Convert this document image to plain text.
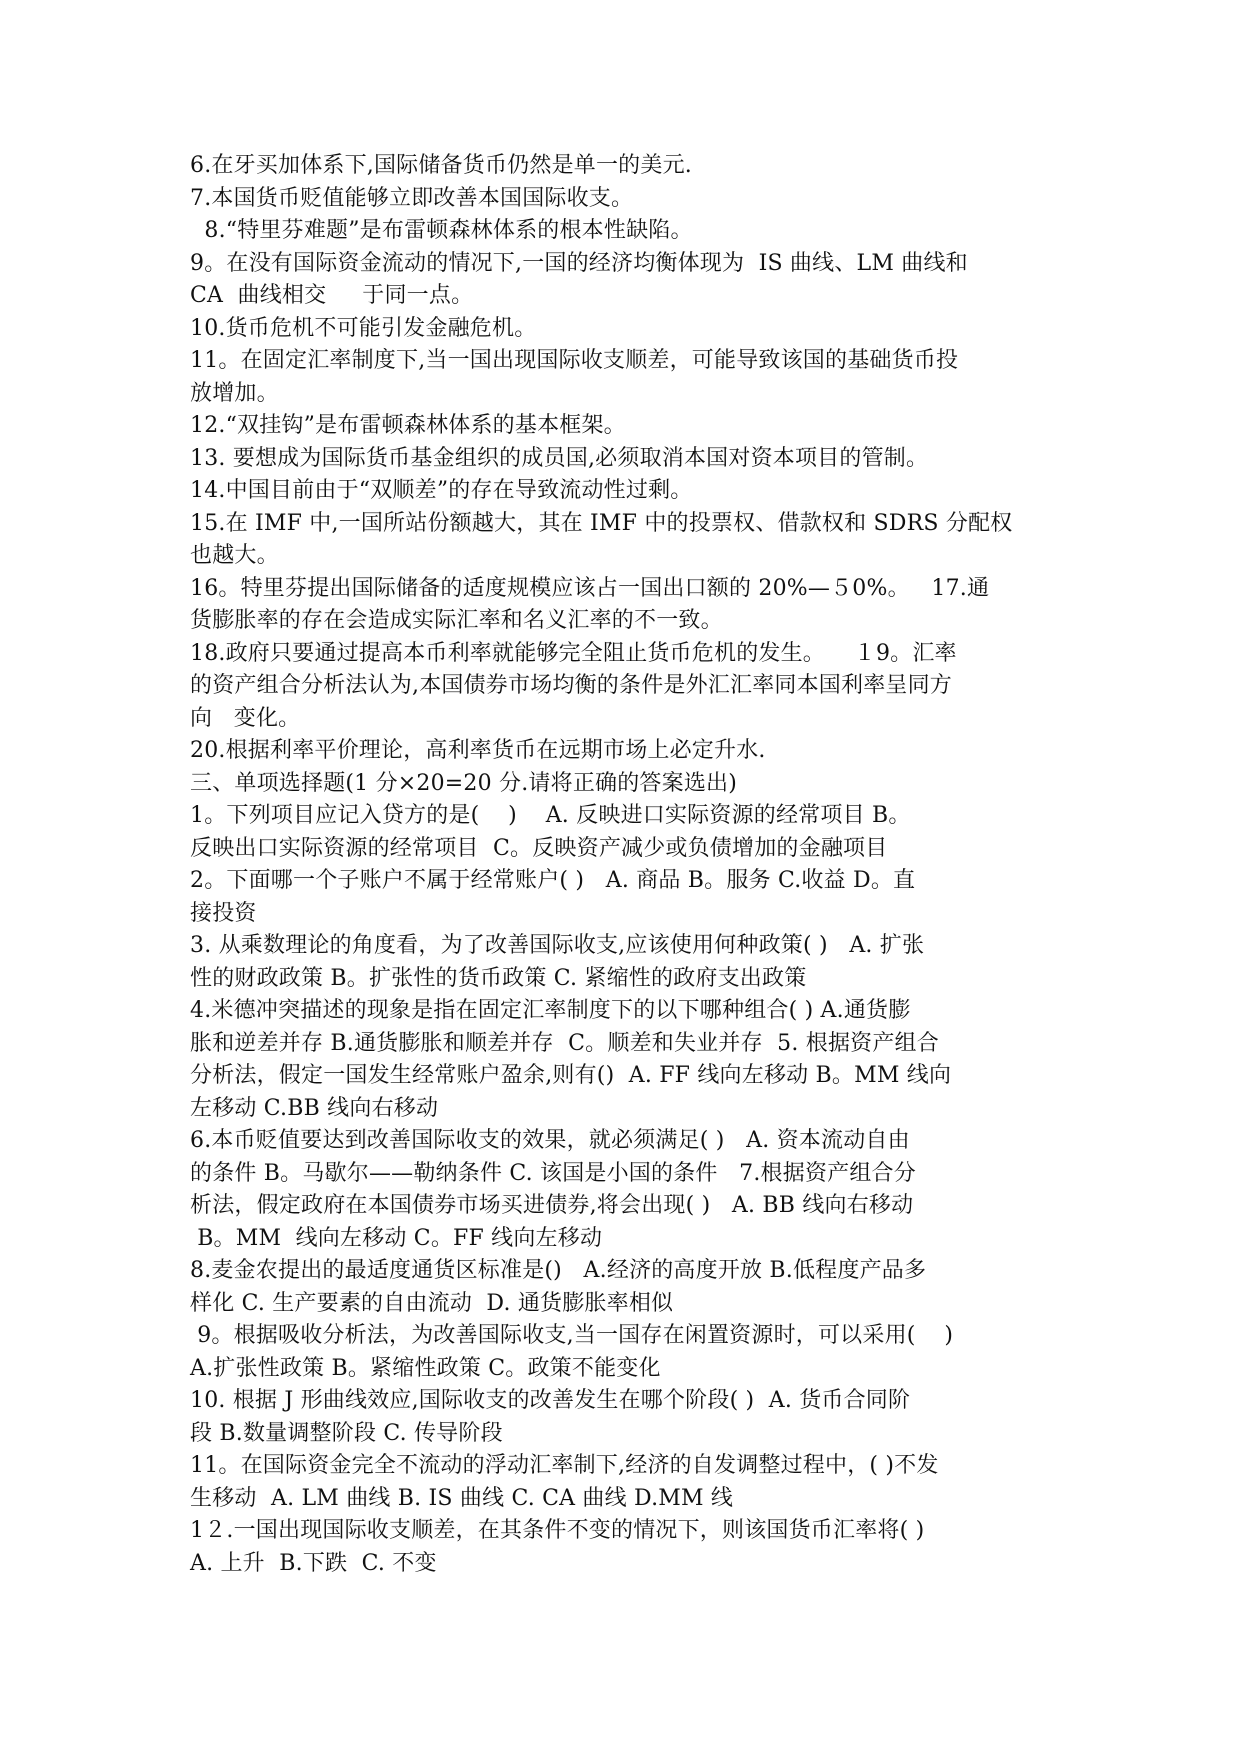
6.在牙买加体系下,国际储备货币仍然是单一的美元.
7.本国货币贬值能够立即改善本国国际收支。
8.“特里芬难题”是布雷顿森林体系的根本性缺陷。
9。在没有国际资金流动的情况下,一国的经济均衡体现为  IS 曲线、LM 曲线和
CA  曲线相交     于同一点。
10.货币危机不可能引发金融危机。
11。在固定汇率制度下,当一国出现国际收支顺差，可能导致该国的基础货币投
放增加。
12.“双挂钩”是布雷顿森林体系的基本框架。
13. 要想成为国际货币基金组织的成员国,必须取消本国对资本项目的管制。
14.中国目前由于“双顺差”的存在导致流动性过剩。
15.在 IMF 中,一国所站份额越大，其在 IMF 中的投票权、借款权和 SDRS 分配权
也越大。
16。特里芬提出国际储备的适度规模应该占一国出口额的 20%—５0%。   17.通
货膨胀率的存在会造成实际汇率和名义汇率的不一致。
18.政府只要通过提高本币利率就能够完全阻止货币危机的发生。    １9。汇率
的资产组合分析法认为,本国债券市场均衡的条件是外汇汇率同本国利率呈同方
向   变化。
20.根据利率平价理论，高利率货币在远期市场上必定升水.
三、单项选择题(1 分×20=20 分.请将正确的答案选出)
1。下列项目应记入贷方的是(    )    A. 反映进口实际资源的经常项目 B。
反映出口实际资源的经常项目  C。反映资产减少或负债增加的金融项目
2。下面哪一个子账户不属于经常账户( )   A. 商品 B。服务 C.收益 D。直
接投资
3. 从乘数理论的角度看，为了改善国际收支,应该使用何种政策( )   A. 扩张
性的财政政策 B。扩张性的货币政策 C. 紧缩性的政府支出政策
4.米德冲突描述的现象是指在固定汇率制度下的以下哪种组合( ) A.通货膨
胀和逆差并存 B.通货膨胀和顺差并存  C。顺差和失业并存  5. 根据资产组合
分析法，假定一国发生经常账户盈余,则有()  A. FF 线向左移动 B。MM 线向
左移动 C.BB 线向右移动
6.本币贬值要达到改善国际收支的效果，就必须满足( )   A. 资本流动自由
的条件 B。马歇尔——勒纳条件 C. 该国是小国的条件   7.根据资产组合分
析法，假定政府在本国债券市场买进债券,将会出现( )   A. BB 线向右移动
B。MM  线向左移动 C。FF 线向左移动
8.麦金农提出的最适度通货区标准是()   A.经济的高度开放 B.低程度产品多
样化 C. 生产要素的自由流动  D. 通货膨胀率相似
9。根据吸收分析法，为改善国际收支,当一国存在闲置资源时，可以采用(    )
A.扩张性政策 B。紧缩性政策 C。政策不能变化
10. 根据 J 形曲线效应,国际收支的改善发生在哪个阶段( )  A. 货币合同阶
段 B.数量调整阶段 C. 传导阶段
11。在国际资金完全不流动的浮动汇率制下,经济的自发调整过程中，( )不发
生移动  A. LM 曲线 B. IS 曲线 C. CA 曲线 D.MM 线
1２.一国出现国际收支顺差，在其条件不变的情况下，则该国货币汇率将( )
A. 上升  B.下跌  C. 不变
